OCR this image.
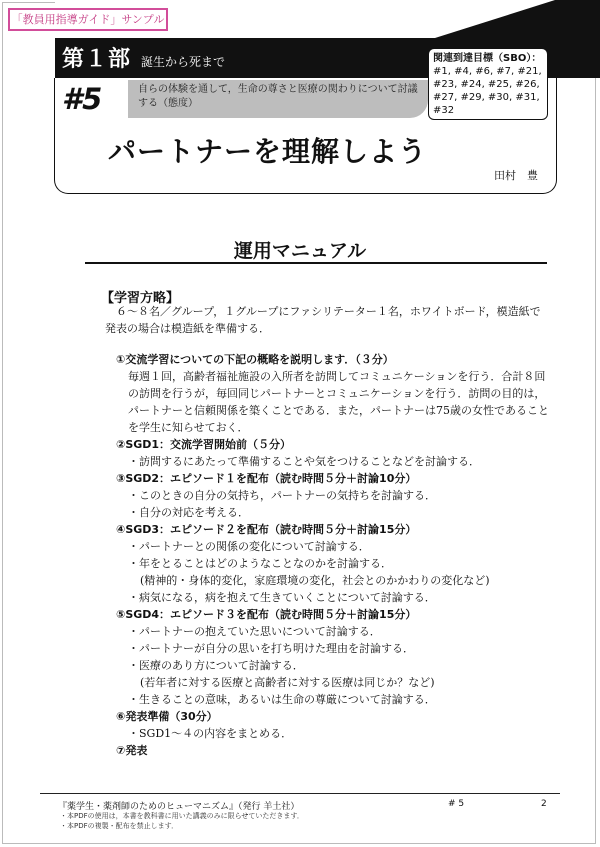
「教員用指導ガイド」サンプル
第１部 誕生から死まで
#5	自らの体験を通して，生命の尊さと医療の関わりについて討議する（態度）
関連到達目標（SBO）：
#1, #4, #6, #7, #21, #23, #24, #25, #26, #27, #29, #30, #31, #32
パートナーを理解しよう
田村　豊
運用マニュアル
【学習方略】
６〜８名／グループ，１グループにファシリテーター１名，ホワイトボード，模造紙で発表の場合は模造紙を準備する．
①交流学習についての下記の概略を説明します．（３分）
毎週１回，高齢者福祉施設の入所者を訪問してコミュニケーションを行う．合計８回の訪問を行うが，毎回同じパートナーとコミュニケーションを行う．訪問の目的は，パートナーと信頼関係を築くことである．また，パートナーは75歳の女性であることを学生に知らせておく．
②SGD1：交流学習開始前（５分）
・訪問するにあたって準備することや気をつけることなどを討論する．
③SGD2：エピソード１を配布（読む時間５分＋討論10分）
・このときの自分の気持ち，パートナーの気持ちを討論する．
・自分の対応を考える．
④SGD3：エピソード２を配布（読む時間５分＋討論15分）
・パートナーとの関係の変化について討論する．
・年をとることはどのようなことなのかを討論する．
(精神的・身体的変化，家庭環境の変化，社会とのかかわりの変化など)
・病気になる，病を抱えて生きていくことについて討論する．
⑤SGD4：エピソード３を配布（読む時間５分＋討論15分）
・パートナーの抱えていた思いについて討論する．
・パートナーが自分の思いを打ち明けた理由を討論する．
・医療のあり方について討論する．
(若年者に対する医療と高齢者に対する医療は同じか？など)
・生きることの意味，あるいは生命の尊厳について討論する．
⑥発表準備（30分）
・SGD1〜４の内容をまとめる．
⑦発表
『薬学生・薬剤師のためのヒューマニズム』（発行 羊土社）	# 5	2
・本PDFの使用は，本書を教科書に用いた講義のみに限らせていただきます．
・本PDFの複製・配布を禁止します．
